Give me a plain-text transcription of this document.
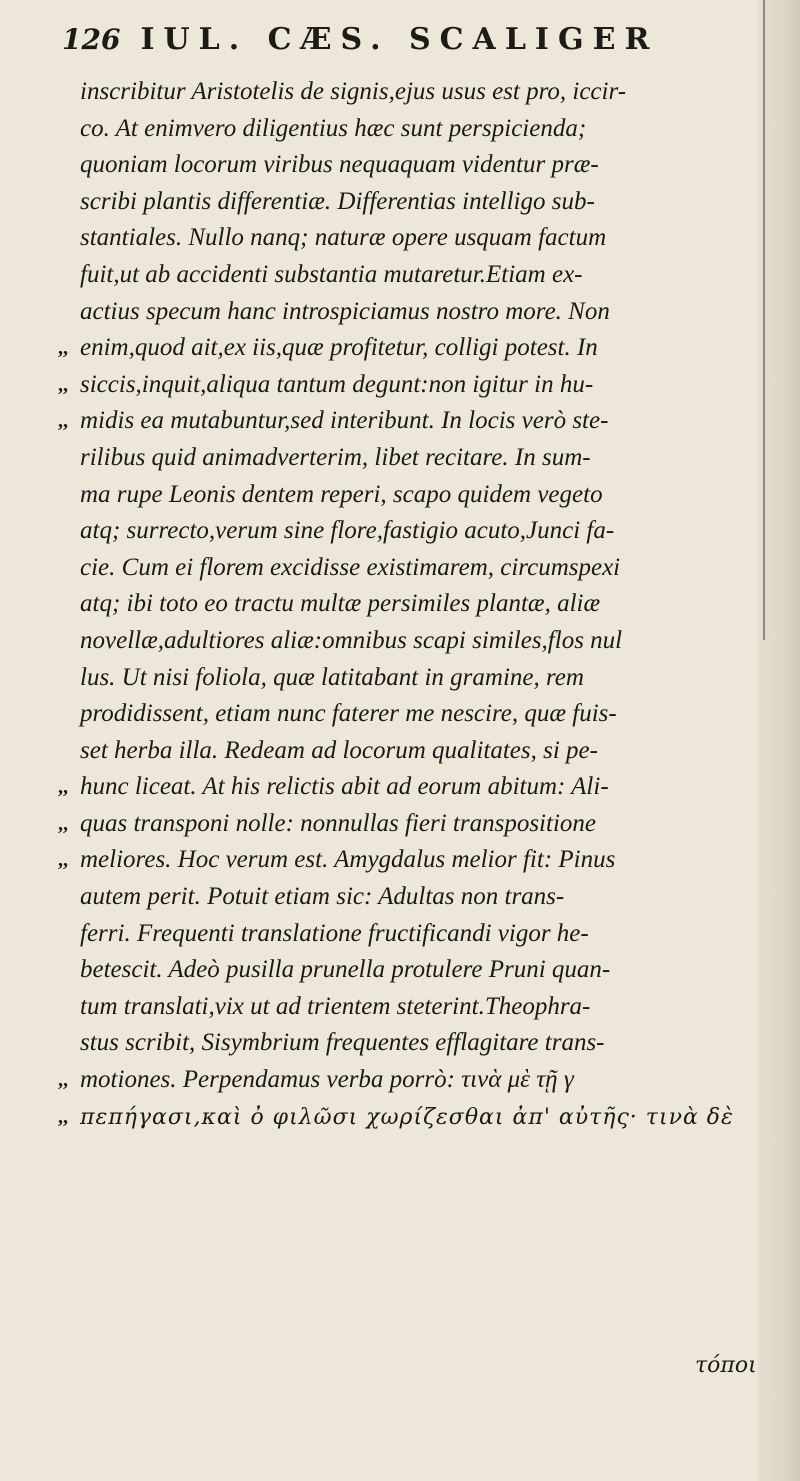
126 IUL. CÆS. SCALIGER
inscribitur Aristotelis de signis,ejus usus est pro, iccir-
co. At enimvero diligentius hæc sunt perspicienda;
quoniam locorum viribus nequaquam videntur præ-
scribi plantis differentiæ. Differentias intelligo sub-
stantiales. Nullo nanq; naturæ opere usquam factum
fuit,ut ab accidenti substantia mutaretur.Etiam ex-
actius specum hanc introspiciamus nostro more. Non
,, enim,quod ait,ex iis,quæ profitetur, colligi potest. In
,, siccis,inquit,aliqua tantum degunt:non igitur in hu-
,, midis ea mutabuntur,sed interibunt. In locis verò ste-
rilibus quid animadverterim, libet recitare. In sum-
ma rupe Leonis dentem reperi, scapo quidem vegeto
atq; surrecto,verum sine flore,fastigio acuto,Junci fa-
cie. Cum ei florem excidisse existimarem, circumspexi
atq; ibi toto eo tractu multæ persimiles plantæ, aliæ
novellæ,adultiores aliæ:omnibus scapi similes,flos nul
lus. Ut nisi foliola, quæ latitabant in gramine, rem
prodidissent, etiam nunc faterer me nescire, quæ fuis-
set herba illa. Redeam ad locorum qualitates, si pe-
,, hunc liceat. At his relictis abit ad eorum abitum: Ali-
,, quas transponi nolle: nonnullas fieri transpositione
,, meliores. Hoc verum est. Amygdalus melior fit: Pinus
autem perit. Potuit etiam sic: Adultas non trans-
ferri. Frequenti translatione fructificandi vigor he-
betescit. Adeò pusilla prunella protulere Pruni quan-
tum translati,vix ut ad trientem steterint.Theophra-
stus scribit, Sisymbrium frequentes efflagitare trans-
,, motiones. Perpendamus verba porrò: τινὰ μὲ τῇ γ
,, πεπήγασι,καὶ ὀ φιλῶσι χωρίζεσθαι ἀπ' αὐτῆς· τινὰ δὲ
τόποι
